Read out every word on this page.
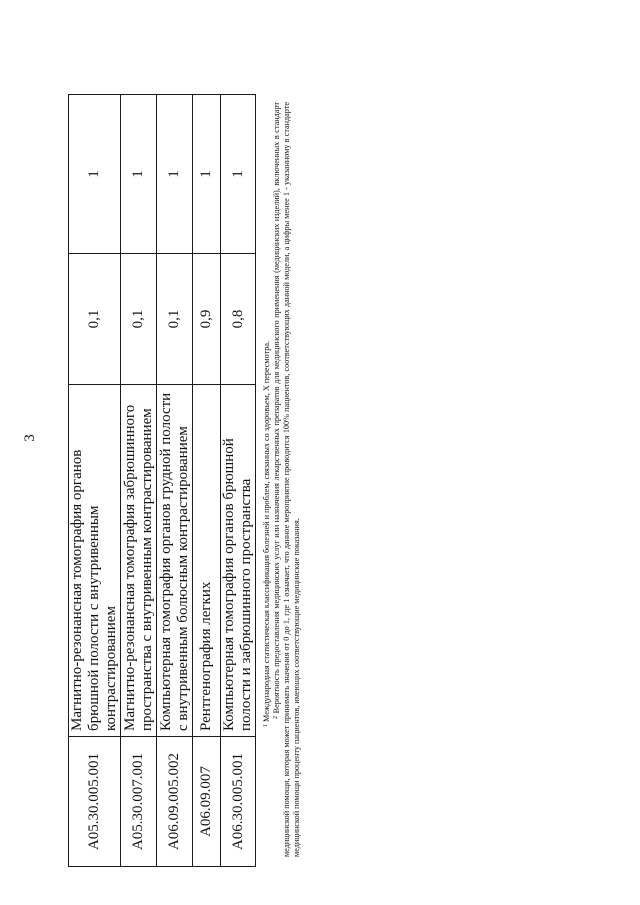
3
A05.30.005.001	Магнитно-резонансная томография органов брюшной полости с внутривенным контрастированием	0,1	1
A05.30.007.001	Магнитно-резонансная томография забрюшинного пространства с внутривенным контрастированием	0,1	1
A06.09.005.002	Компьютерная томография органов грудной полости с внутривенным болюсным контрастированием	0,1	1
A06.09.007	Рентгенография легких	0,9	1
A06.30.005.001	Компьютерная томография органов брюшной полости и забрюшинного пространства	0,8	1

$^1$ Международная статистическая классификация болезней и проблем, связанных со здоровьем, X пересмотра. $^2$ Вероятность предоставления медицинских услуг или назначения лекарственных препаратов для медицинского применения (медицинских изделий), включенных в стандарт медицинской помощи, которая может принимать значения от 0 до 1, где 1 означает, что данное мероприятие проводится 100% пациентов, соответствующих данной модели, а цифры менее 1 - указанному в стандарте медицинской помощи проценту пациентов, имеющих соответствующие медицинские показания.
